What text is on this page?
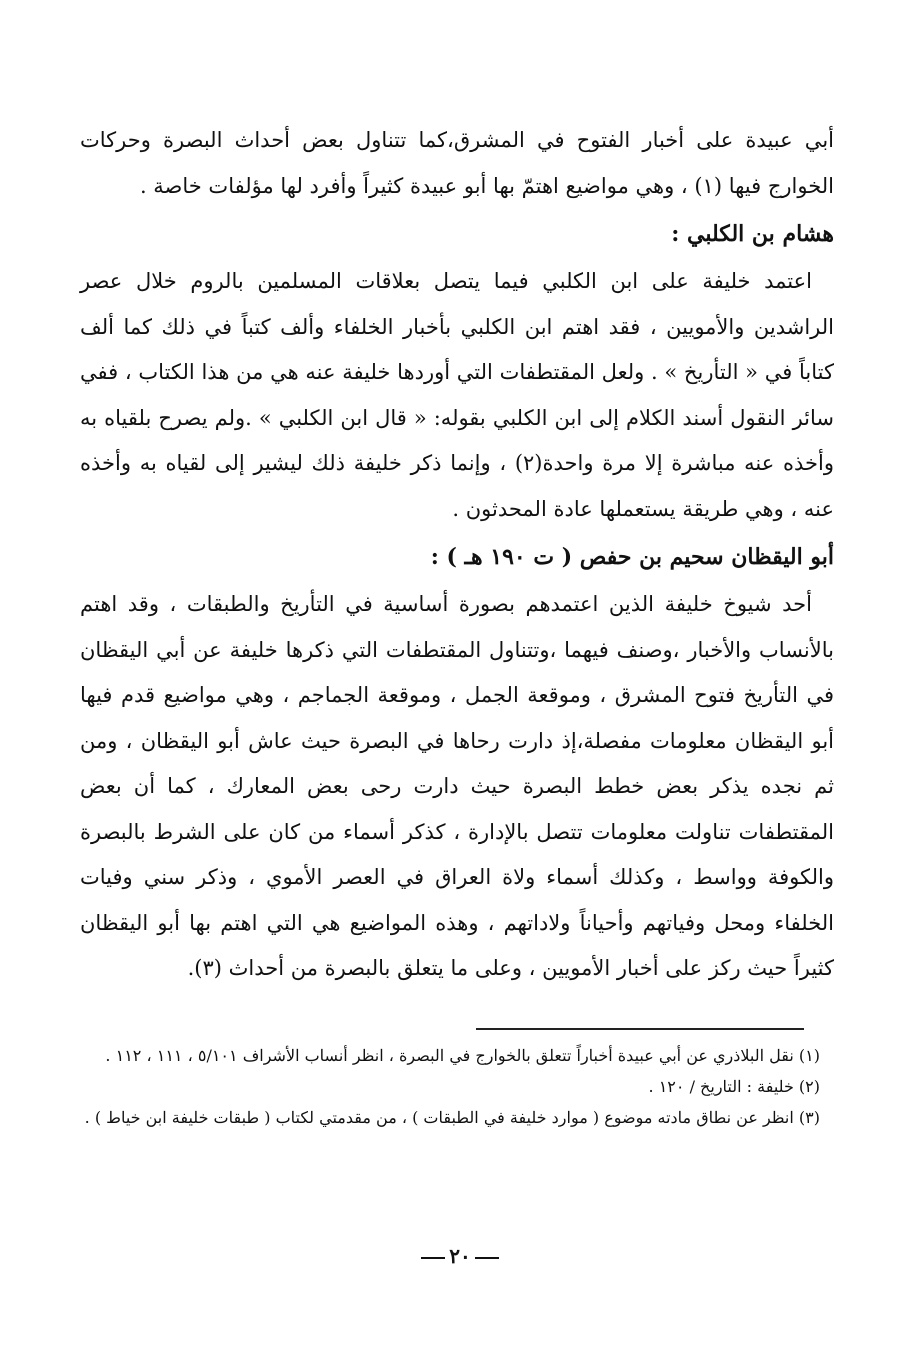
أبي عبيدة على أخبار الفتوح في المشرق،كما تتناول بعض أحداث البصرة وحركات الخوارج فيها (١) ، وهي مواضيع اهتمّ بها أبو عبيدة كثيراً وأفرد لها مؤلفات خاصة .

هشام بن الكلبي :

اعتمد خليفة على ابن الكلبي فيما يتصل بعلاقات المسلمين بالروم خلال عصر الراشدين والأمويين ، فقد اهتم ابن الكلبي بأخبار الخلفاء وألف كتباً في ذلك كما ألف كتاباً في « التأريخ » . ولعل المقتطفات التي أوردها خليفة عنه هي من هذا الكتاب ، ففي سائر النقول أسند الكلام إلى ابن الكلبي بقوله: « قال ابن الكلبي » .ولم يصرح بلقياه به وأخذه عنه مباشرة إلا مرة واحدة(٢) ، وإنما ذكر خليفة ذلك ليشير إلى لقياه به وأخذه عنه ، وهي طريقة يستعملها عادة المحدثون .

أبو اليقظان سحيم بن حفص ( ت ١٩٠ هـ ) :

أحد شيوخ خليفة الذين اعتمدهم بصورة أساسية في التأريخ والطبقات ، وقد اهتم بالأنساب والأخبار ،وصنف فيهما ،وتتناول المقتطفات التي ذكرها خليفة عن أبي اليقظان في التأريخ فتوح المشرق ، وموقعة الجمل ، وموقعة الجماجم ، وهي مواضيع قدم فيها أبو اليقظان معلومات مفصلة،إذ دارت رحاها في البصرة حيث عاش أبو اليقظان ، ومن ثم نجده يذكر بعض خطط البصرة حيث دارت رحى بعض المعارك ، كما أن بعض المقتطفات تناولت معلومات تتصل بالإدارة ، كذكر أسماء من كان على الشرط بالبصرة والكوفة وواسط ، وكذلك أسماء ولاة العراق في العصر الأموي ، وذكر سني وفيات الخلفاء ومحل وفياتهم وأحياناً ولاداتهم ، وهذه المواضيع هي التي اهتم بها أبو اليقظان كثيراً حيث ركز على أخبار الأمويين ، وعلى ما يتعلق بالبصرة من أحداث (٣).

(١) نقل البلاذري عن أبي عبيدة أخباراً تتعلق بالخوارج في البصرة ، انظر أنساب الأشراف ٥/١٠١ ، ١١١ ، ١١٢ .

(٢) خليفة : التاريخ / ١٢٠ .

(٣) انظر عن نطاق مادته موضوع ( موارد خليفة في الطبقات ) ، من مقدمتي لكتاب ( طبقات خليفة ابن خياط ) .

٢٠
